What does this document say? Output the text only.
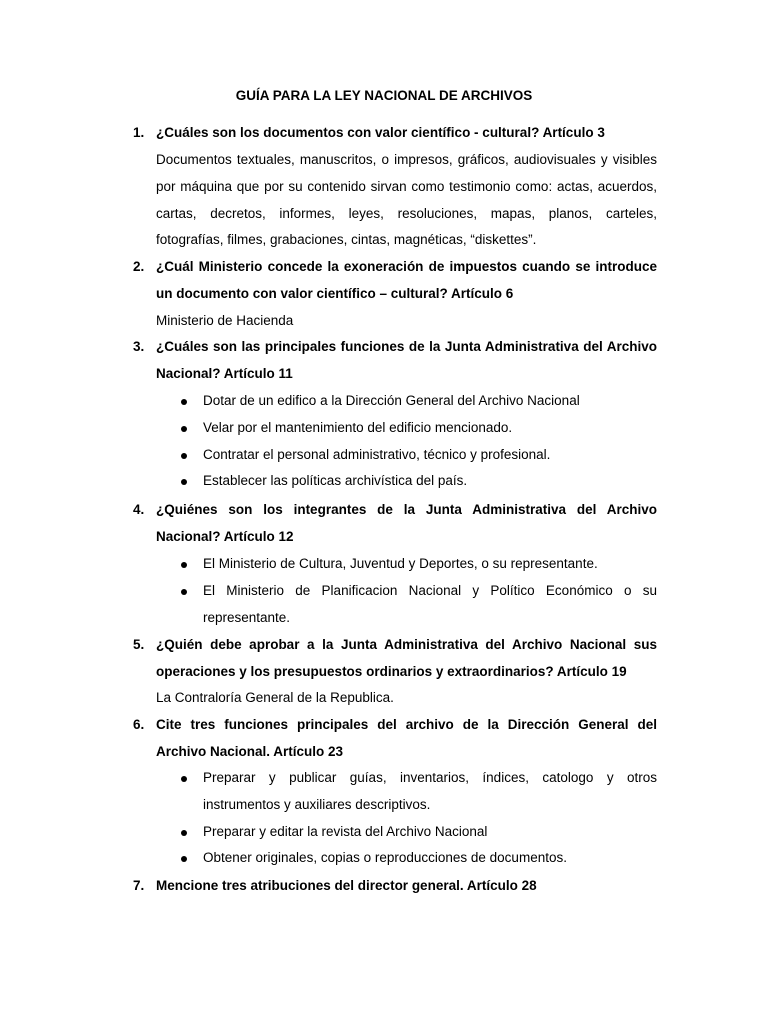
GUÍA PARA LA LEY NACIONAL DE ARCHIVOS
1. ¿Cuáles son los documentos con valor científico - cultural? Artículo 3
Documentos textuales, manuscritos, o impresos, gráficos, audiovisuales y visibles por máquina que por su contenido sirvan como testimonio como: actas, acuerdos, cartas, decretos, informes, leyes, resoluciones, mapas, planos, carteles, fotografías, filmes, grabaciones, cintas, magnéticas, “diskettes”.
2. ¿Cuál Ministerio concede la exoneración de impuestos cuando se introduce un documento con valor científico – cultural? Artículo 6
Ministerio de Hacienda
3. ¿Cuáles son las principales funciones de la Junta Administrativa del Archivo Nacional? Artículo 11
Dotar de un edifico a la Dirección General del Archivo Nacional
Velar por el mantenimiento del edificio mencionado.
Contratar el personal administrativo, técnico y profesional.
Establecer las políticas archivística del país.
4. ¿Quiénes son los integrantes de la Junta Administrativa del Archivo Nacional? Artículo 12
El Ministerio de Cultura, Juventud y Deportes, o su representante.
El Ministerio de Planificacion Nacional y Político Económico o su representante.
5. ¿Quién debe aprobar a la Junta Administrativa del Archivo Nacional sus operaciones y los presupuestos ordinarios y extraordinarios? Artículo 19
La Contraloría General de la Republica.
6. Cite tres funciones principales del archivo de la Dirección General del Archivo Nacional. Artículo 23
Preparar y publicar guías, inventarios, índices, catologo y otros instrumentos y auxiliares descriptivos.
Preparar y editar la revista del Archivo Nacional
Obtener originales, copias o reproducciones de documentos.
7. Mencione tres atribuciones del director general. Artículo 28
